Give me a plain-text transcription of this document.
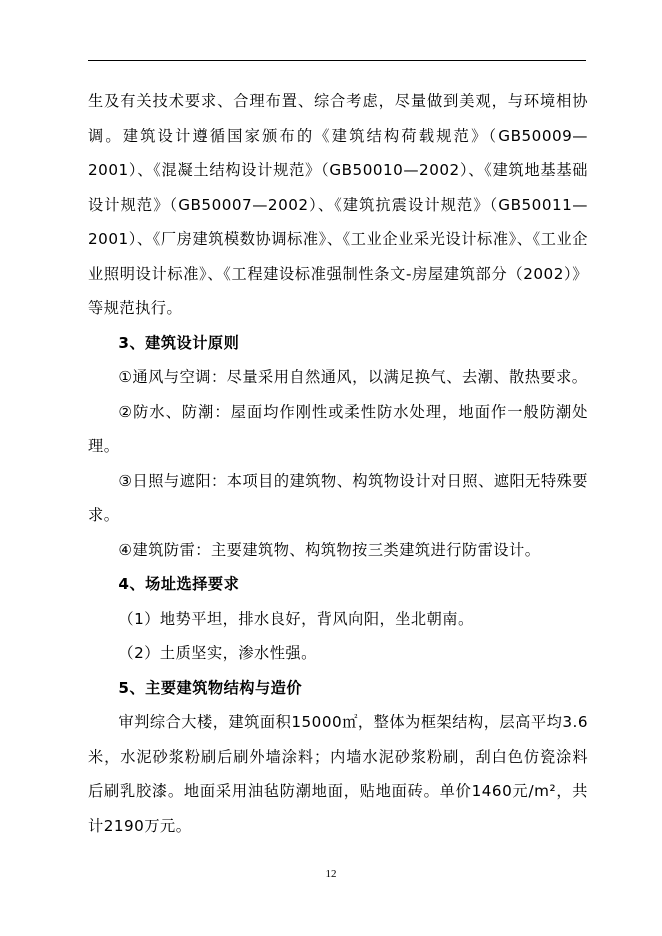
生及有关技术要求、合理布置、综合考虑，尽量做到美观，与环境相协调。建筑设计遵循国家颁布的《建筑结构荷载规范》（GB50009—2001）、《混凝土结构设计规范》（GB50010—2002）、《建筑地基基础设计规范》（GB50007—2002）、《建筑抗震设计规范》（GB50011—2001）、《厂房建筑模数协调标准》、《工业企业采光设计标准》、《工业企业照明设计标准》、《工程建设标准强制性条文-房屋建筑部分（2002）》等规范执行。

3、建筑设计原则

①通风与空调：尽量采用自然通风，以满足换气、去潮、散热要求。

②防水、防潮：屋面均作刚性或柔性防水处理，地面作一般防潮处理。

③日照与遮阳：本项目的建筑物、构筑物设计对日照、遮阳无特殊要求。

④建筑防雷：主要建筑物、构筑物按三类建筑进行防雷设计。

4、场址选择要求

（1）地势平坦，排水良好，背风向阳，坐北朝南。

（2）土质坚实，渗水性强。

5、主要建筑物结构与造价

审判综合大楼，建筑面积15000㎡，整体为框架结构，层高平均3.6米，水泥砂浆粉刷后刷外墙涂料；内墙水泥砂浆粉刷，刮白色仿瓷涂料后刷乳胶漆。地面采用油毡防潮地面，贴地面砖。单价1460元/m²，共计2190万元。

12
